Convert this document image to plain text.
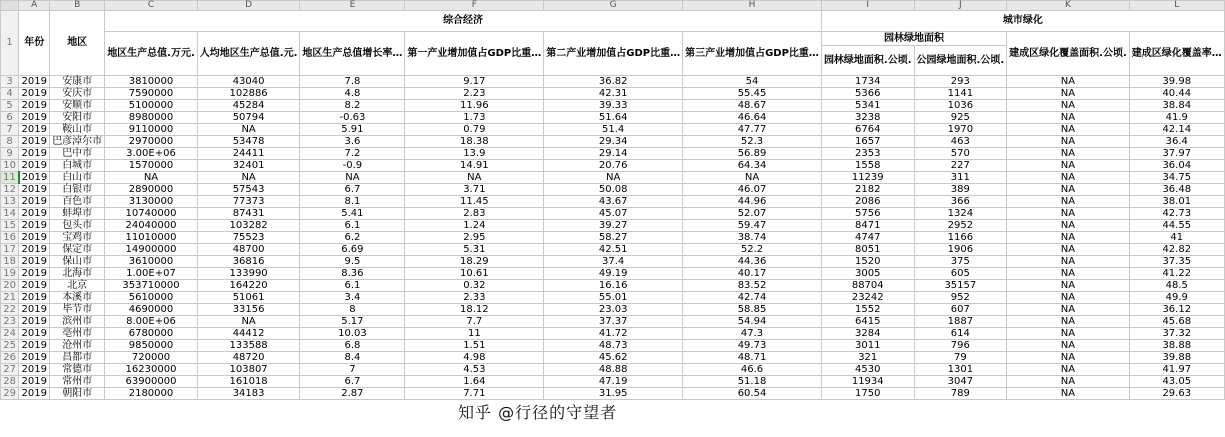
	A	B	C	D	E	F	G	H	I	J	K	L
1	年份	地区	综合经济						城市绿化			
			地区生产总值.万元.	人均地区生产总值.元.	地区生产总值增长率…	第一产业增加值占GDP比重…	第二产业增加值占GDP比重…	第三产业增加值占GDP比重…	园林绿地面积		建成区绿化覆盖面积.公顷.	建成区绿化覆盖率…
									园林绿地面积.公顷.	公园绿地面积.公顷.		
3	2019	安康市	3810000	43040	7.8	9.17	36.82	54	1734	293	NA	39.98
4	2019	安庆市	7590000	102886	4.8	2.23	42.31	55.45	5366	1141	NA	40.44
5	2019	安顺市	5100000	45284	8.2	11.96	39.33	48.67	5341	1036	NA	38.84
6	2019	安阳市	8980000	50794	-0.63	1.73	51.64	46.64	3238	925	NA	41.9
7	2019	鞍山市	9110000	NA	5.91	0.79	51.4	47.77	6764	1970	NA	42.14
8	2019	巴彦淖尔市	2970000	53478	3.6	18.38	29.34	52.3	1657	463	NA	36.4
9	2019	巴中市	3.00E+06	24411	7.2	13.9	29.14	56.89	2353	570	NA	37.97
10	2019	白城市	1570000	32401	-0.9	14.91	20.76	64.34	1558	227	NA	36.04
11	2019	白山市	NA	NA	NA	NA	NA	NA	11239	311	NA	34.75
12	2019	白银市	2890000	57543	6.7	3.71	50.08	46.07	2182	389	NA	36.48
13	2019	百色市	3130000	77373	8.1	11.45	43.67	44.96	2086	366	NA	38.01
14	2019	蚌埠市	10740000	87431	5.41	2.83	45.07	52.07	5756	1324	NA	42.73
15	2019	包头市	24040000	103282	6.1	1.24	39.27	59.47	8471	2952	NA	44.55
16	2019	宝鸡市	11010000	75523	6.2	2.95	58.27	38.74	4747	1166	NA	41
17	2019	保定市	14900000	48700	6.69	5.31	42.51	52.2	8051	1906	NA	42.82
18	2019	保山市	3610000	36816	9.5	18.29	37.4	44.36	1520	375	NA	37.35
19	2019	北海市	1.00E+07	133990	8.36	10.61	49.19	40.17	3005	605	NA	41.22
20	2019	北京	353710000	164220	6.1	0.32	16.16	83.52	88704	35157	NA	48.5
21	2019	本溪市	5610000	51061	3.4	2.33	55.01	42.74	23242	952	NA	49.9
22	2019	毕节市	4690000	33156	8	18.12	23.03	58.85	1552	607	NA	36.12
23	2019	滨州市	8.00E+06	NA	5.17	7.7	37.37	54.94	6415	1887	NA	45.68
24	2019	亳州市	6780000	44412	10.03	11	41.72	47.3	3284	614	NA	37.32
25	2019	沧州市	9850000	133588	6.8	1.51	48.73	49.73	3011	796	NA	38.88
26	2019	昌都市	720000	48720	8.4	4.98	45.62	48.71	321	79	NA	39.88
27	2019	常德市	16230000	103807	7	4.53	48.88	46.6	4530	1301	NA	41.97
28	2019	常州市	63900000	161018	6.7	1.64	47.19	51.18	11934	3047	NA	43.05
29	2019	朝阳市	2180000	34183	2.87	7.71	31.95	60.54	1750	789	NA	29.63
知乎 @行径的守望者
